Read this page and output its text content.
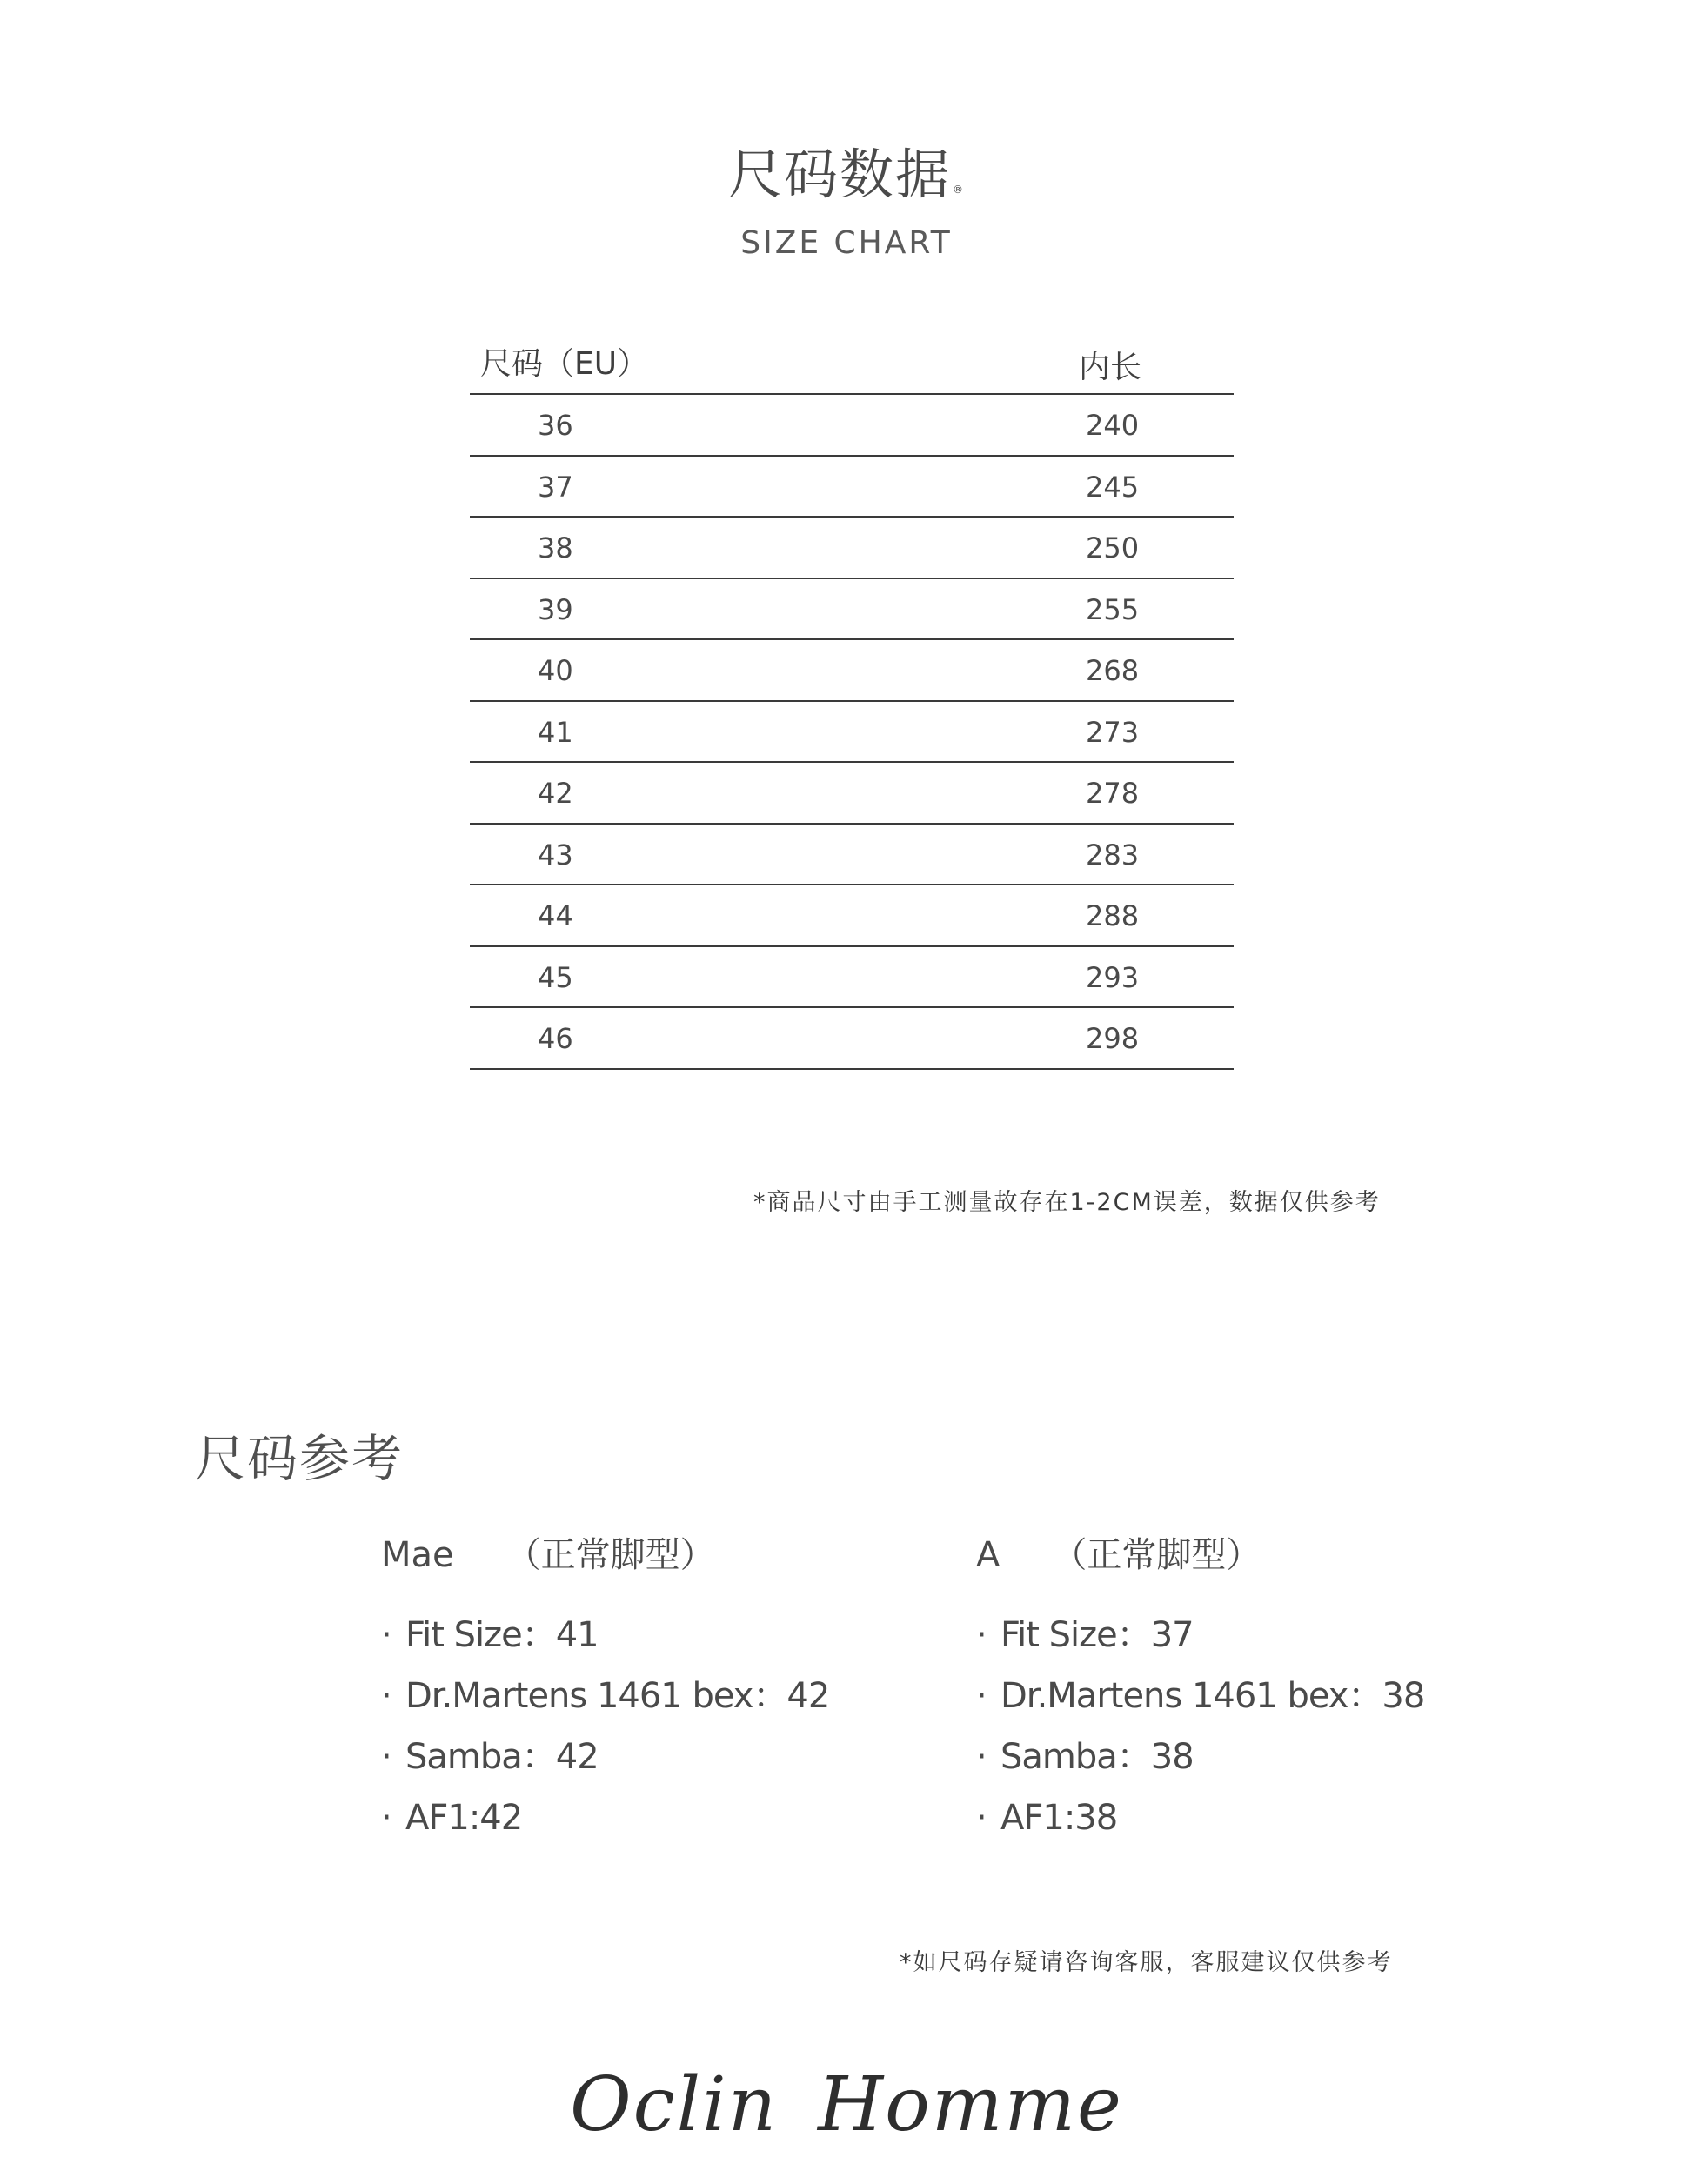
尺码数据 ®
SIZE CHART
尺码（EU）	内长
36	240
37	245
38	250
39	255
40	268
41	273
42	278
43	283
44	288
45	293
46	298
*商品尺寸由手工测量故存在1-2CM误差，数据仅供参考
尺码参考
Mae （正常脚型）
· Fit Size：41
· Dr.Martens 1461 bex：42
· Samba：42
· AF1:42
A （正常脚型）
· Fit Size：37
· Dr.Martens 1461 bex：38
· Samba：38
· AF1:38
*如尺码存疑请咨询客服，客服建议仅供参考
Oclin Homme
